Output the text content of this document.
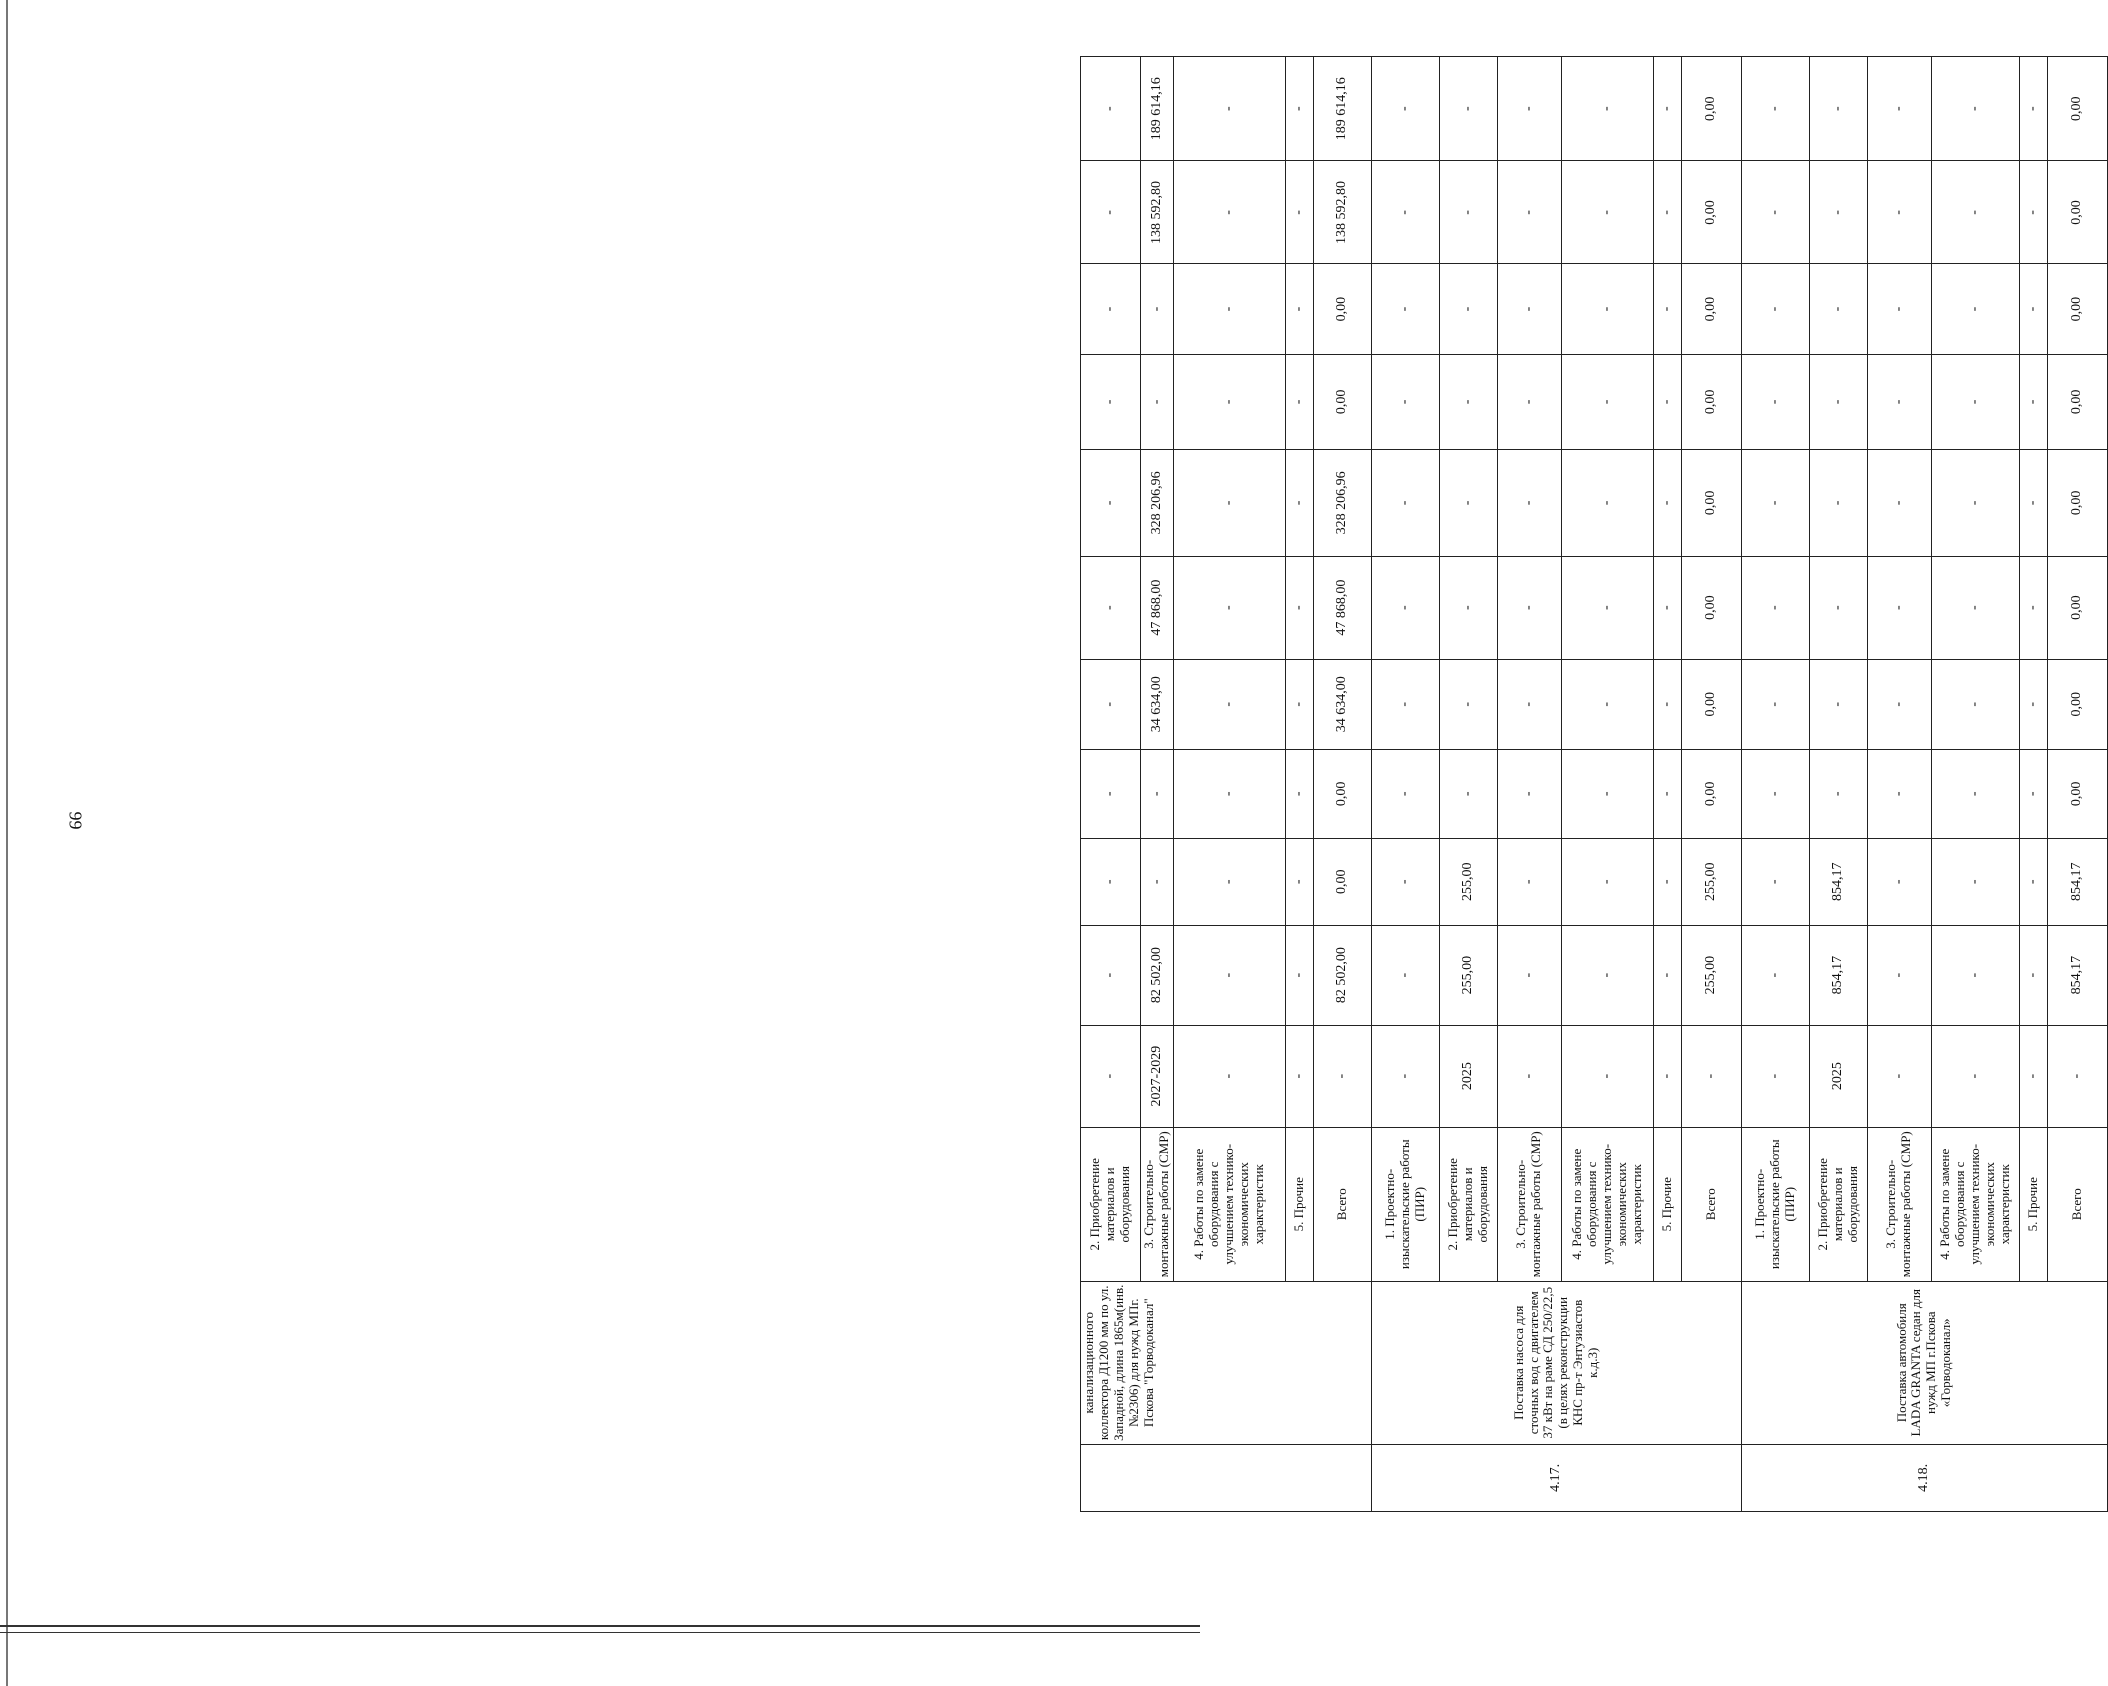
99
	канализационного коллектора Д1200 мм по ул. Западной, длина 1865м(инв.№2306) для нужд МПг. Пскова "Горводоканал"	2. Приобретение материалов и оборудования	-	-	-	-	-	-	-	-	-	-	-
		3. Строительно-монтажные работы (СМР)	2027-2029	82 502,00	-	-	34 634,00	47 868,00	328 206,96	-	-	138 592,80	189 614,16
		4. Работы по замене оборудования с улучшением технико-экономических характеристик	-	-	-	-	-	-	-	-	-	-	-
		5. Прочие	-	-	-	-	-	-	-	-	-	-	-
		Всего	-	82 502,00	0,00	0,00	34 634,00	47 868,00	328 206,96	0,00	0,00	138 592,80	189 614,16
4.17.	Поставка насоса для сточных вод с двигателем 37 кВт на раме СД 250/22,5 (в целях реконструкции КНС пр-т Энтузиастов к.д.3)	1. Проектно-изыскательские работы (ПИР)	-	-	-	-	-	-	-	-	-	-	-
		2. Приобретение материалов и оборудования	2025	255,00	255,00	-	-	-	-	-	-	-	-
		3. Строительно-монтажные работы (СМР)	-	-	-	-	-	-	-	-	-	-	-
		4. Работы по замене оборудования с улучшением технико-экономических характеристик	-	-	-	-	-	-	-	-	-	-	-
		5. Прочие	-	-	-	-	-	-	-	-	-	-	-
		Всего	-	255,00	255,00	0,00	0,00	0,00	0,00	0,00	0,00	0,00	0,00
4.18.	Поставка автомобиля LADA GRANTA седан для нужд МП г.Пскова «Горводоканал»	1. Проектно-изыскательские работы (ПИР)	-	-	-	-	-	-	-	-	-	-	-
		2. Приобретение материалов и оборудования	2025	854,17	854,17	-	-	-	-	-	-	-	-
		3. Строительно-монтажные работы (СМР)	-	-	-	-	-	-	-	-	-	-	-
		4. Работы по замене оборудования с улучшением технико-экономических характеристик	-	-	-	-	-	-	-	-	-	-	-
		5. Прочие	-	-	-	-	-	-	-	-	-	-	-
		Всего	-	854,17	854,17	0,00	0,00	0,00	0,00	0,00	0,00	0,00	0,00
